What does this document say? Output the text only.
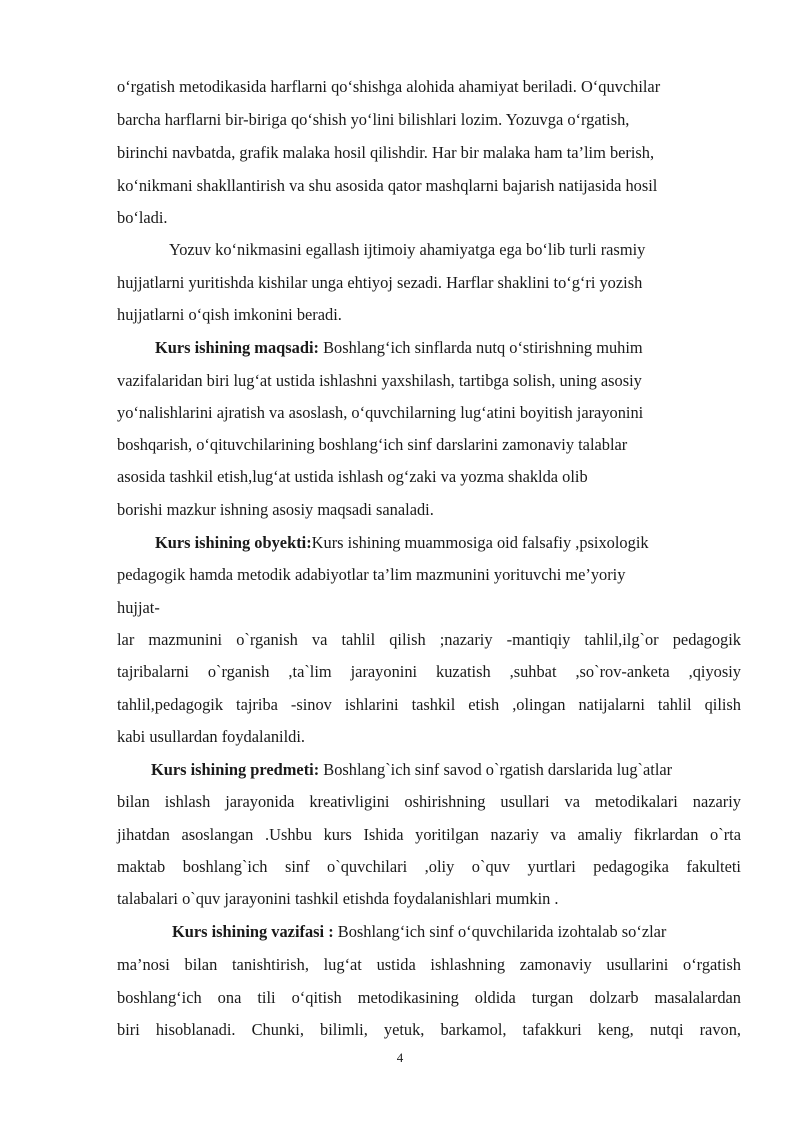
o‘rgatish metodikasida harflarni qo‘shishga alohida ahamiyat beriladi. O‘quvchilar
barcha harflarni bir-biriga qo‘shish yo‘lini bilishlari lozim. Yozuvga o‘rgatish,
birinchi navbatda, grafik malaka hosil qilishdir. Har bir malaka ham ta’lim berish,
ko‘nikmani shakllantirish va shu asosida qator mashqlarni bajarish natijasida hosil
bo‘ladi.
Yozuv ko‘nikmasini egallash ijtimoiy ahamiyatga ega bo‘lib turli rasmiy
hujjatlarni yuritishda kishilar unga ehtiyoj sezadi. Harflar shaklini to‘g‘ri yozish
hujjatlarni o‘qish imkonini beradi.
Kurs ishining maqsadi: Boshlang‘ich sinflarda nutq o‘stirishning muhim
vazifalaridan biri lug‘at ustida ishlashni yaxshilash, tartibga solish, uning asosiy
yo‘nalishlarini ajratish va asoslash, o‘quvchilarning lug‘atini boyitish jarayonini
boshqarish, o‘qituvchilarining boshlang‘ich sinf darslarini zamonaviy talablar
asosida tashkil etish,lug‘at ustida ishlash og‘zaki va yozma shaklda olib
borishi mazkur ishning asosiy maqsadi sanaladi.
Kurs ishining obyekti:Kurs ishining muammosiga oid falsafiy ,psixologik
pedagogik hamda metodik adabiyotlar ta’lim mazmunini yorituvchi me’yoriy
hujjat-
lar mazmunini o`rganish va tahlil qilish ;nazariy -mantiqiy tahlil,ilg`or pedagogik
tajribalarni o`rganish ,ta`lim jarayonini kuzatish ,suhbat ,so`rov-anketa ,qiyosiy
tahlil,pedagogik tajriba -sinov ishlarini tashkil etish ,olingan natijalarni tahlil qilish
kabi usullardan foydalanildi.
Kurs ishining predmeti: Boshlang`ich sinf savod o`rgatish darslarida lug`atlar
bilan ishlash jarayonida kreativligini oshirishning usullari va metodikalari nazariy
jihatdan asoslangan .Ushbu kurs Ishida yoritilgan nazariy va amaliy fikrlardan o`rta
maktab boshlang`ich sinf o`quvchilari ,oliy o`quv yurtlari pedagogika fakulteti
talabalari o`quv jarayonini tashkil etishda foydalanishlari mumkin .
Kurs ishining vazifasi : Boshlang‘ich sinf o‘quvchilarida izohtalab so‘zlar
ma’nosi bilan tanishtirish, lug‘at ustida ishlashning zamonaviy usullarini o‘rgatish
boshlang‘ich ona tili o‘qitish metodikasining oldida turgan dolzarb masalalardan
biri hisoblanadi. Chunki, bilimli, yetuk, barkamol, tafakkuri keng, nutqi ravon,
4
